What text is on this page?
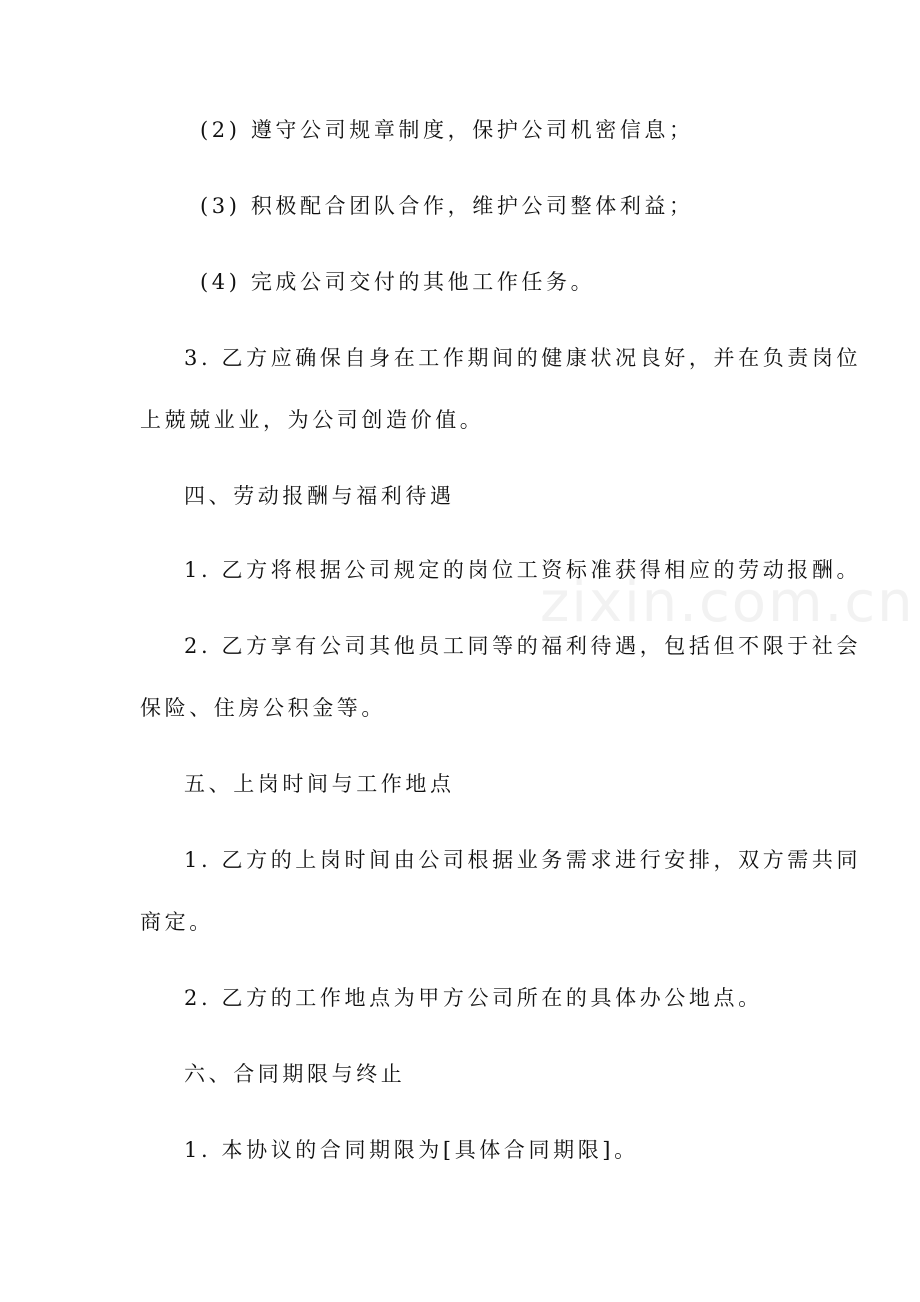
zixin.com.cn
(2) 遵守公司规章制度，保护公司机密信息；
(3) 积极配合团队合作，维护公司整体利益；
(4) 完成公司交付的其他工作任务。
3. 乙方应确保自身在工作期间的健康状况良好，并在负责岗位
上兢兢业业，为公司创造价值。
四、劳动报酬与福利待遇
1. 乙方将根据公司规定的岗位工资标准获得相应的劳动报酬。
2. 乙方享有公司其他员工同等的福利待遇，包括但不限于社会
保险、住房公积金等。
五、上岗时间与工作地点
1. 乙方的上岗时间由公司根据业务需求进行安排，双方需共同
商定。
2. 乙方的工作地点为甲方公司所在的具体办公地点。
六、合同期限与终止
1. 本协议的合同期限为[具体合同期限]。
